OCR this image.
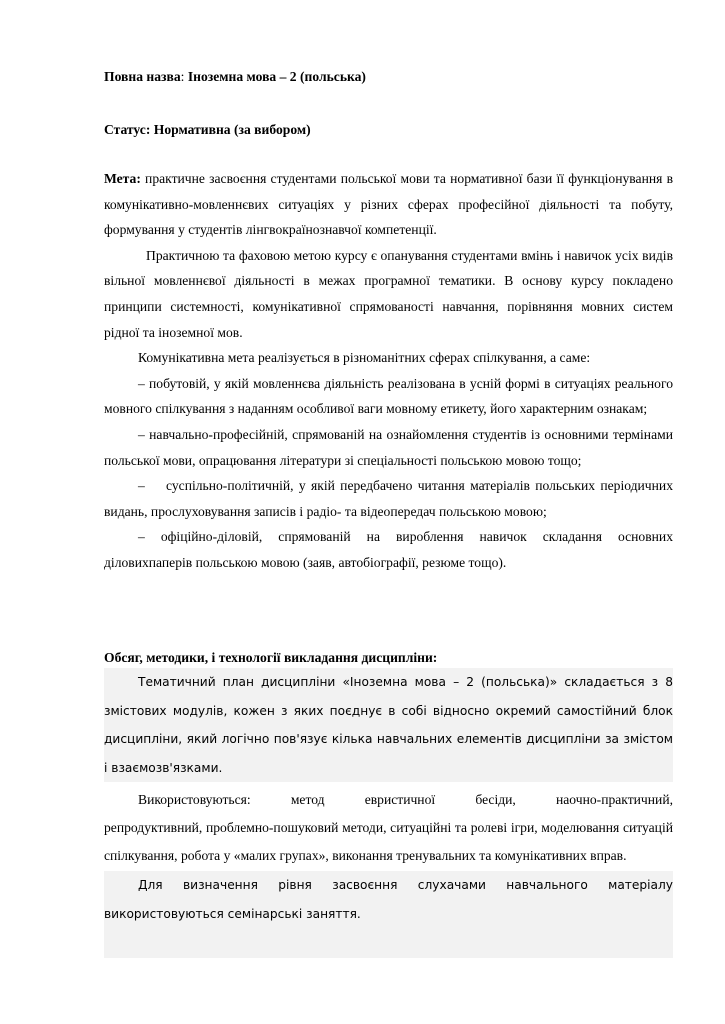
Повна назва: Іноземна мова – 2 (польська)

Статус: Нормативна (за вибором)

Мета: практичне засвоєння студентами польської мови та нормативної бази її функціонування в комунікативно-мовленнєвих ситуаціях у різних сферах професійної діяльності та побуту, формування у студентів лінгвокраїнознавчої компетенції.

Практичною та фаховою метою курсу є опанування студентами вмінь і навичок усіх видів вільної мовленнєвої діяльності в межах програмної тематики. В основу курсу покладено принципи системності, комунікативної спрямованості навчання, порівняння мовних систем рідної та іноземної мов.

Комунікативна мета реалізується в різноманітних сферах спілкування, а саме:

– побутовій, у якій мовленнєва діяльність реалізована в усній формі в ситуаціях реального мовного спілкування з наданням особливої ваги мовному етикету, його характерним ознакам;

– навчально-професійній, спрямованій на ознайомлення студентів із основними термінами польської мови, опрацювання літератури зі спеціальності польською мовою тощо;

–    суспільно-політичній, у якій передбачено читання матеріалів польських періодичних видань, прослуховування записів і радіо- та відеопередач польською мовою;

– офіційно-діловій, спрямованій на вироблення навичок складання основних діловихпаперів польською мовою (заяв, автобіографії, резюме тощо).

Обсяг, методики, і технології викладання дисципліни:

Тематичний план дисципліни «Іноземна мова – 2 (польська)» складається з 8 змістових модулів, кожен з яких поєднує в собі відносно окремий самостійний блок дисципліни, який логічно пов'язує кілька навчальних елементів дисципліни за змістом і взаємозв'язками.

Використовуються:      метод      евристичної      бесіди,      наочно-практичний, репродуктивний, проблемно-пошуковий методи, ситуаційні та ролеві ігри, моделювання ситуацій спілкування, робота у «малих групах», виконання тренувальних та комунікативних вправ.

Для визначення рівня засвоєння слухачами навчального матеріалу використовуються семінарські заняття.
